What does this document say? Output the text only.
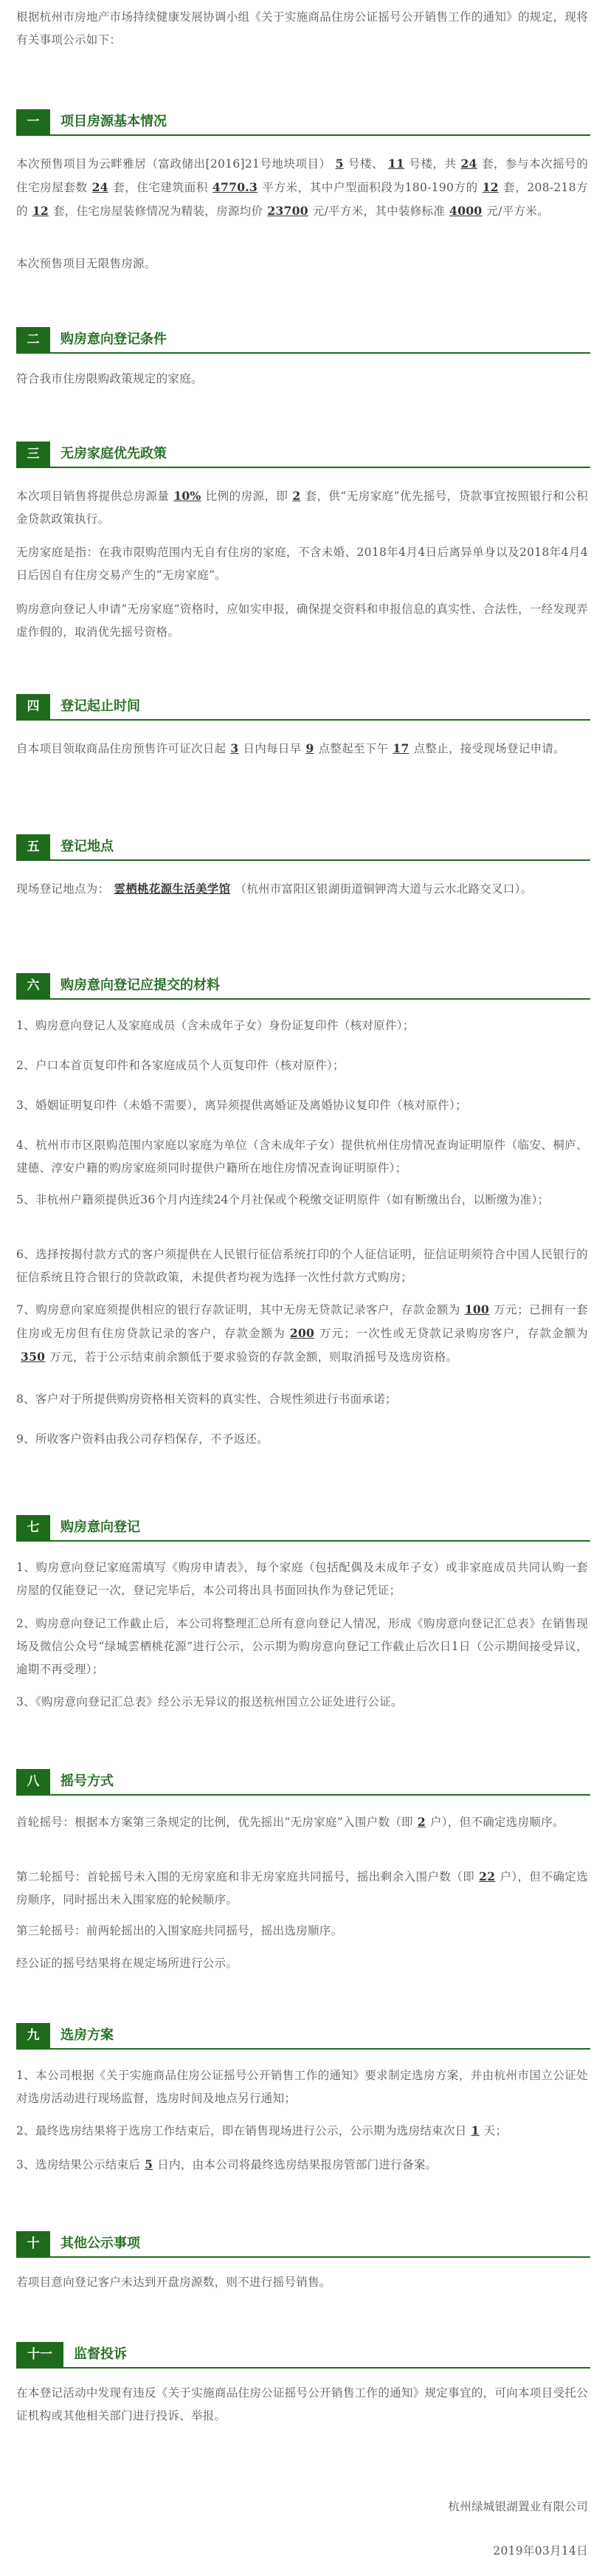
根据杭州市房地产市场持续健康发展协调小组《关于实施商品住房公证摇号公开销售工作的通知》的规定，现将有关事项公示如下：

一	项目房源基本情况

本次预售项目为云畔雅居（富政储出[2016]21号地块项目） 5 号楼、 11 号楼，共 24 套，参与本次摇号的住宅房屋套数 24 套，住宅建筑面积 4770.3 平方米，其中户型面积段为180-190方的 12 套，208-218方的 12 套，住宅房屋装修情况为精装，房源均价 23700 元/平方米，其中装修标准 4000 元/平方米。

本次预售项目无限售房源。

二	购房意向登记条件

符合我市住房限购政策规定的家庭。

三	无房家庭优先政策

本次项目销售将提供总房源量 10% 比例的房源，即 2 套，供“无房家庭”优先摇号，贷款事宜按照银行和公积金贷款政策执行。

无房家庭是指：在我市限购范围内无自有住房的家庭，不含未婚、2018年4月4日后离异单身以及2018年4月4日后因自有住房交易产生的“无房家庭”。

购房意向登记人申请“无房家庭”资格时，应如实申报，确保提交资料和申报信息的真实性、合法性，一经发现弄虚作假的，取消优先摇号资格。

四	登记起止时间

自本项目领取商品住房预售许可证次日起 3 日内每日早 9 点整起至下午 17 点整止，接受现场登记申请。

五	登记地点

现场登记地点为： 雲栖桃花源生活美学馆 （杭州市富阳区银湖街道铜钾湾大道与云水北路交叉口）。

六	购房意向登记应提交的材料

1、购房意向登记人及家庭成员（含未成年子女）身份证复印件（核对原件）；

2、户口本首页复印件和各家庭成员个人页复印件（核对原件）；

3、婚姻证明复印件（未婚不需要），离异须提供离婚证及离婚协议复印件（核对原件）；

4、杭州市市区限购范围内家庭以家庭为单位（含未成年子女）提供杭州住房情况查询证明原件（临安、桐庐、建德、淳安户籍的购房家庭须同时提供户籍所在地住房情况查询证明原件）；

5、非杭州户籍须提供近36个月内连续24个月社保或个税缴交证明原件（如有断缴出台，以断缴为准）；

6、选择按揭付款方式的客户须提供在人民银行征信系统打印的个人征信证明，征信证明须符合中国人民银行的征信系统且符合银行的贷款政策，未提供者均视为选择一次性付款方式购房；

7、购房意向家庭须提供相应的银行存款证明，其中无房无贷款记录客户，存款金额为 100 万元；已拥有一套住房或无房但有住房贷款记录的客户，存款金额为 200 万元；一次性或无贷款记录购房客户，存款金额为350 万元，若于公示结束前余额低于要求验资的存款金额，则取消摇号及选房资格。

8、客户对于所提供购房资格相关资料的真实性、合规性须进行书面承诺；

9、所收客户资料由我公司存档保存，不予返还。

七	购房意向登记

1、购房意向登记家庭需填写《购房申请表》，每个家庭（包括配偶及未成年子女）或非家庭成员共同认购一套房屋的仅能登记一次，登记完毕后，本公司将出具书面回执作为登记凭证；

2、购房意向登记工作截止后，本公司将整理汇总所有意向登记人情况，形成《购房意向登记汇总表》在销售现场及微信公众号“绿城雲栖桃花源”进行公示，公示期为购房意向登记工作截止后次日1日（公示期间接受异议，逾期不再受理）；

3、《购房意向登记汇总表》经公示无异议的报送杭州国立公证处进行公证。

八	摇号方式

首轮摇号：根据本方案第三条规定的比例，优先摇出“无房家庭”入围户数（即 2 户），但不确定选房顺序。

第二轮摇号：首轮摇号未入围的无房家庭和非无房家庭共同摇号，摇出剩余入围户数（即 22 户），但不确定选房顺序，同时摇出未入围家庭的轮候顺序。

第三轮摇号：前两轮摇出的入围家庭共同摇号，摇出选房顺序。

经公证的摇号结果将在规定场所进行公示。

九	选房方案

1、本公司根据《关于实施商品住房公证摇号公开销售工作的通知》要求制定选房方案，并由杭州市国立公证处对选房活动进行现场监督，选房时间及地点另行通知；

2、最终选房结果将于选房工作结束后，即在销售现场进行公示，公示期为选房结束次日 1 天；

3、选房结果公示结束后 5 日内，由本公司将最终选房结果报房管部门进行备案。

十	其他公示事项

若项目意向登记客户未达到开盘房源数，则不进行摇号销售。

十一	监督投诉

在本登记活动中发现有违反《关于实施商品住房公证摇号公开销售工作的通知》规定事宜的，可向本项目受托公证机构或其他相关部门进行投诉、举报。

杭州绿城银湖置业有限公司

2019年03月14日
